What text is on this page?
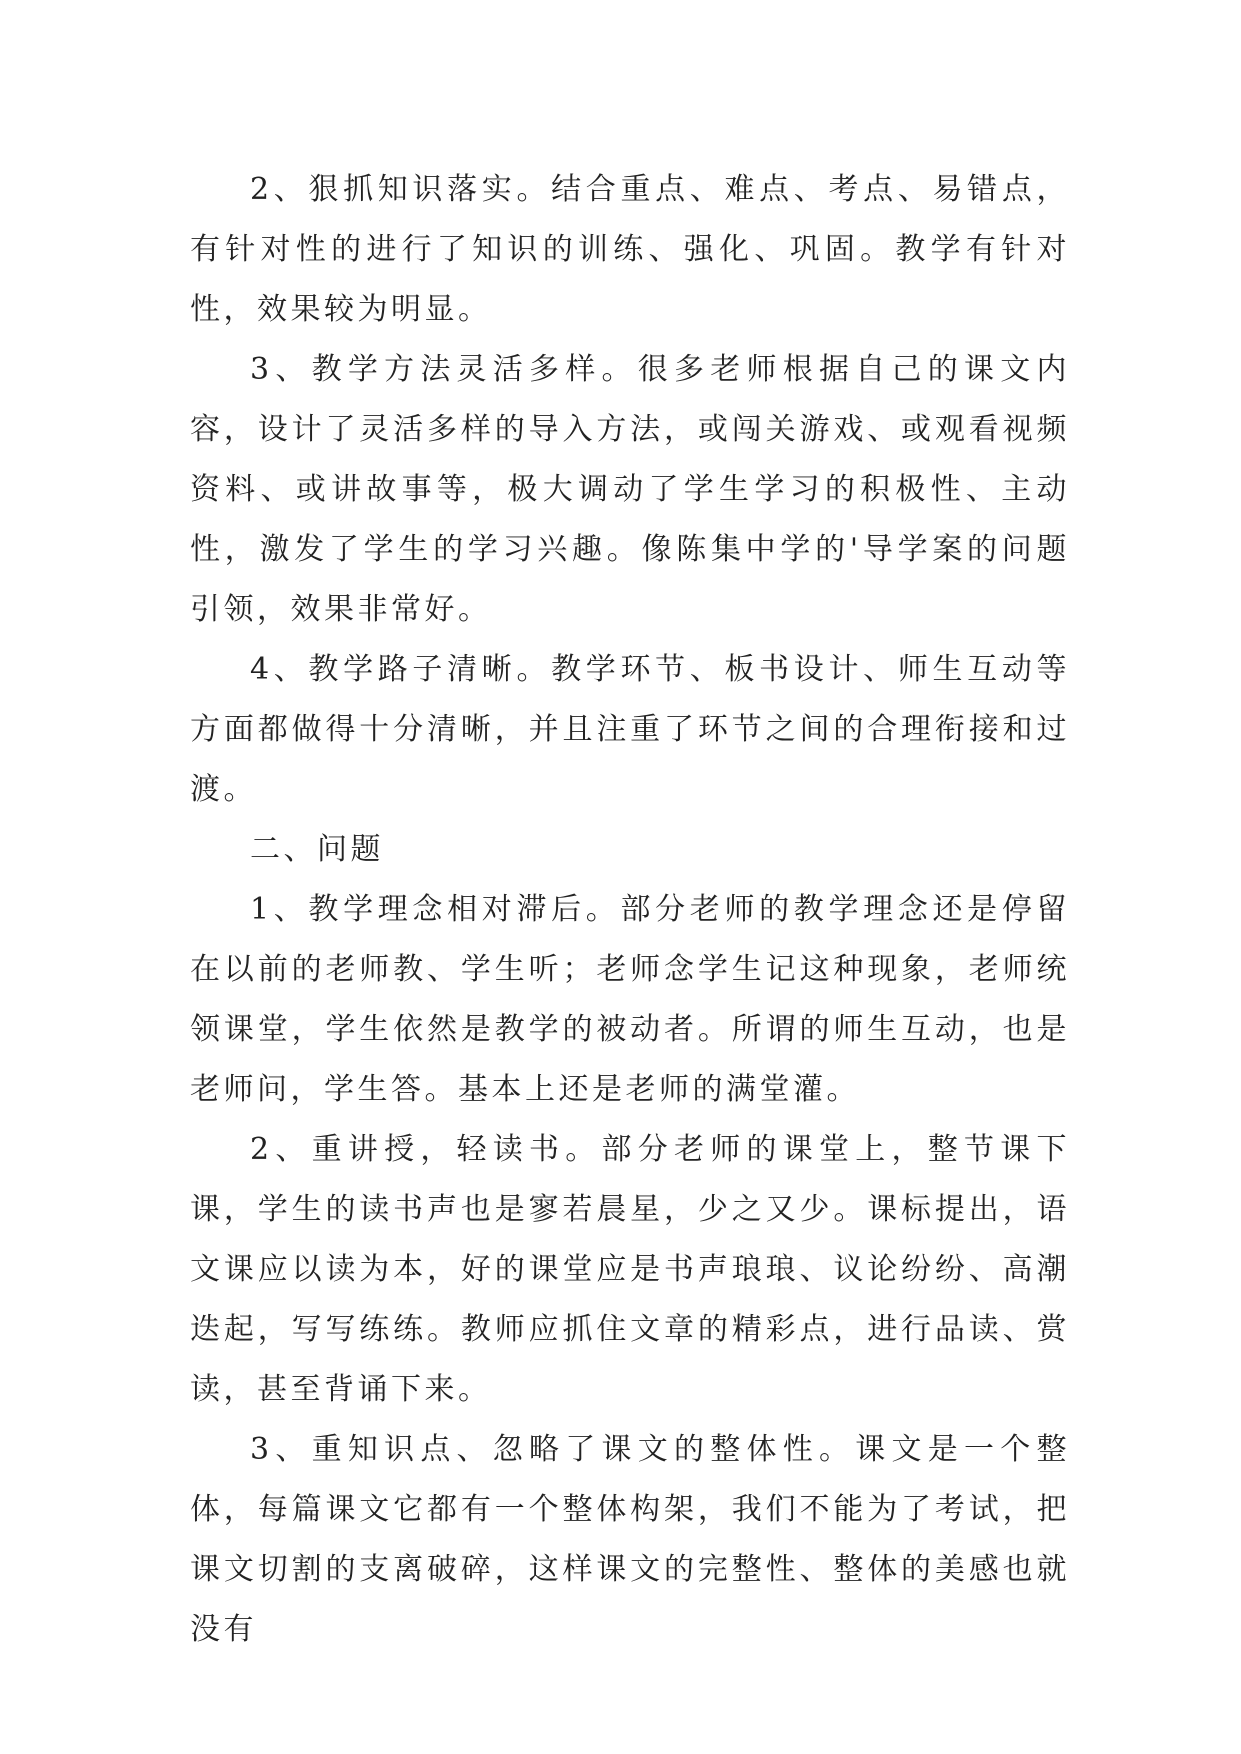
2、狠抓知识落实。结合重点、难点、考点、易错点，有针对性的进行了知识的训练、强化、巩固。教学有针对性，效果较为明显。

3、教学方法灵活多样。很多老师根据自己的课文内容，设计了灵活多样的导入方法，或闯关游戏、或观看视频资料、或讲故事等，极大调动了学生学习的积极性、主动性，激发了学生的学习兴趣。像陈集中学的'导学案的问题引领，效果非常好。

4、教学路子清晰。教学环节、板书设计、师生互动等方面都做得十分清晰，并且注重了环节之间的合理衔接和过渡。

二、问题

1、教学理念相对滞后。部分老师的教学理念还是停留在以前的老师教、学生听；老师念学生记这种现象，老师统领课堂，学生依然是教学的被动者。所谓的师生互动，也是老师问，学生答。基本上还是老师的满堂灌。

2、重讲授，轻读书。部分老师的课堂上，整节课下课，学生的读书声也是寥若晨星，少之又少。课标提出，语文课应以读为本，好的课堂应是书声琅琅、议论纷纷、高潮迭起，写写练练。教师应抓住文章的精彩点，进行品读、赏读，甚至背诵下来。

3、重知识点、忽略了课文的整体性。课文是一个整体，每篇课文它都有一个整体构架，我们不能为了考试，把课文切割的支离破碎，这样课文的完整性、整体的美感也就没有
